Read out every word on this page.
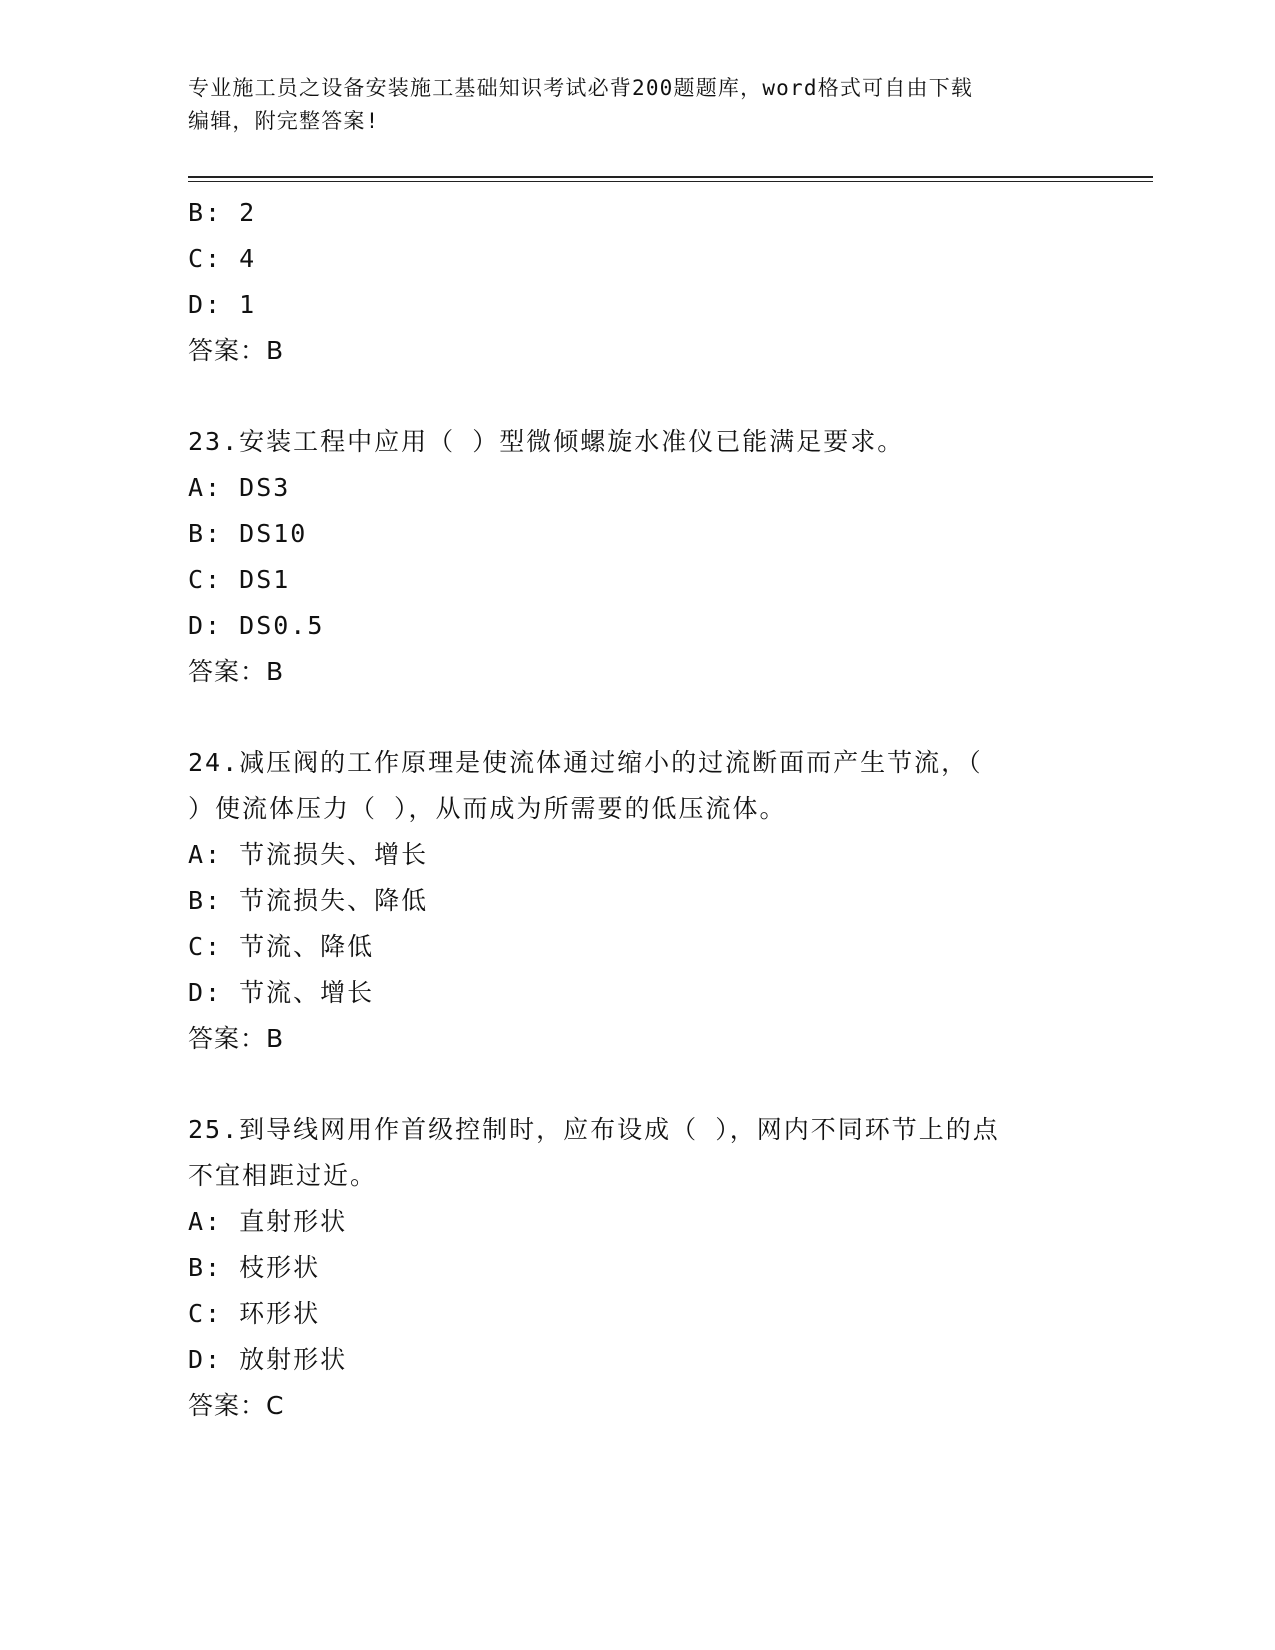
专业施工员之设备安装施工基础知识考试必背200题题库，word格式可自由下载
编辑，附完整答案!
B: 2
C: 4
D: 1
答案：B
23.安装工程中应用（ ）型微倾螺旋水准仪已能满足要求。
A: DS3
B: DS10
C: DS1
D: DS0.5
答案：B
24.减压阀的工作原理是使流体通过缩小的过流断面而产生节流，（
）使流体压力（ ），从而成为所需要的低压流体。
A: 节流损失、增长
B: 节流损失、降低
C: 节流、降低
D: 节流、增长
答案：B
25.到导线网用作首级控制时，应布设成（ ），网内不同环节上的点
不宜相距过近。
A: 直射形状
B: 枝形状
C: 环形状
D: 放射形状
答案：C
